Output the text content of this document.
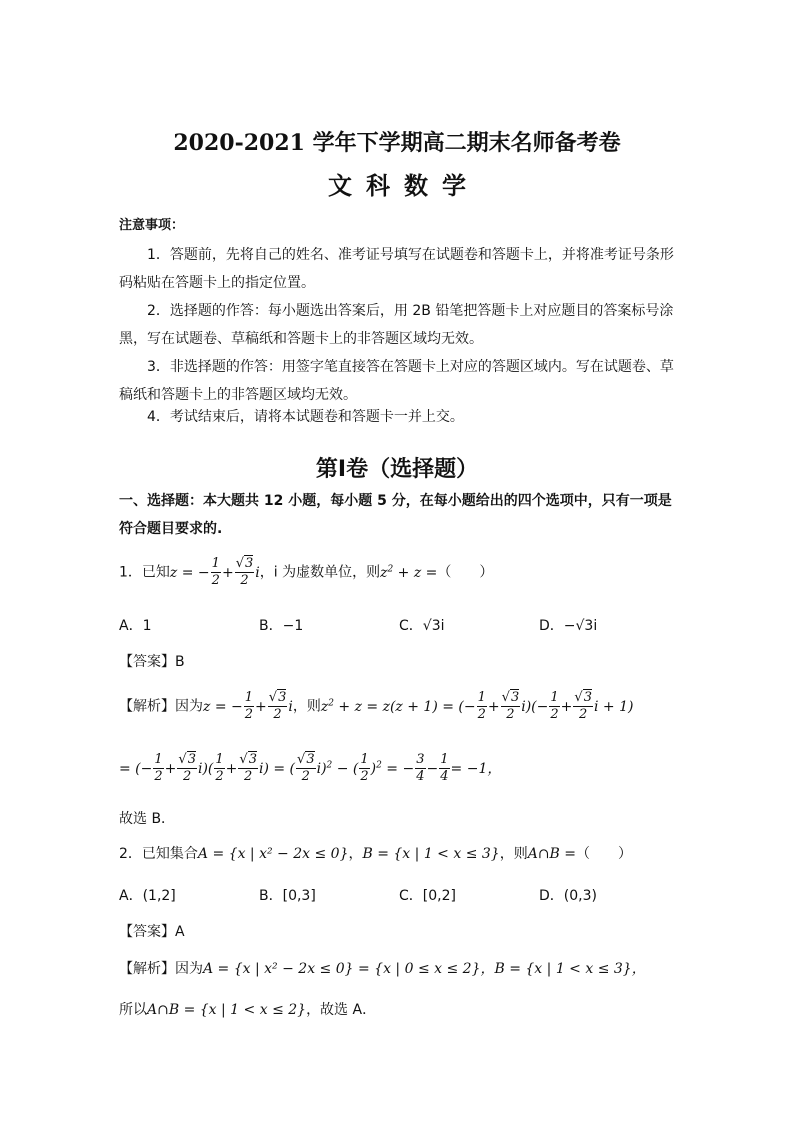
2020-2021 学年下学期高二期末名师备考卷
文科数学
注意事项：
1．答题前，先将自己的姓名、准考证号填写在试题卷和答题卡上，并将准考证号条形码粘贴在答题卡上的指定位置。
2．选择题的作答：每小题选出答案后，用 2B 铅笔把答题卡上对应题目的答案标号涂黑，写在试题卷、草稿纸和答题卡上的非答题区域均无效。
3．非选择题的作答：用签字笔直接答在答题卡上对应的答题区域内。写在试题卷、草稿纸和答题卡上的非答题区域均无效。
4．考试结束后，请将本试题卷和答题卡一并上交。
第Ⅰ卷（选择题）
一、选择题：本大题共 12 小题，每小题 5 分，在每小题给出的四个选项中，只有一项是符合题目要求的.
1．已知z = − $\frac{1}{2} + \frac{√3}{2}$ i，i 为虚数单位，则$z^2 + z$ =（　　）
A．1	B．−1	C．√3i	D．−√3i
【答案】B
【解析】因为z = − $\frac{1}{2} + \frac{√3}{2}$ i，则$z^2 + z = z(z + 1)$ = (− $\frac{1}{2} + \frac{√3}{2} i)(- \frac{1}{2} + \frac{√3}{2}$ i + 1)
= (− $\frac{1}{2} + \frac{√3}{2} i)( \frac{1}{2} + \frac{√3}{2} i)$ = ( $\frac{√3}{2} i)^2$ − ( $\frac{1}{2} )^2$ = − $\frac{3}{4} - \frac{1}{4} = -1$，
故选 B．
2．已知集合A = {x | x² − 2x ≤ 0}，B = {x | 1 < x ≤ 3}，则A∩B =（　　）
A．(1,2]	B．[0,3]	C．[0,2]	D．(0,3)
【答案】A
【解析】因为A = {x | x² − 2x ≤ 0} = {x | 0 ≤ x ≤ 2}，B = {x | 1 < x ≤ 3}，
所以A∩B = {x | 1 < x ≤ 2}，故选 A．
